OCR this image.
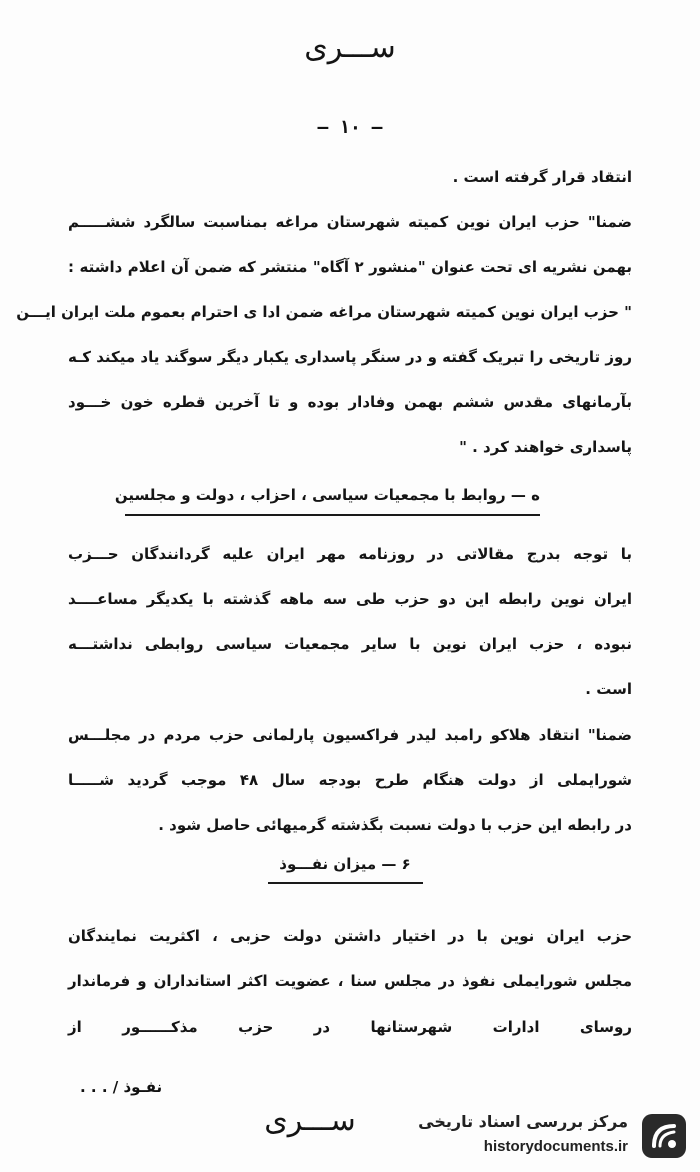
ســـری
— ۱۰ —
انتقاد قرار گرفته است .
ضمنا" حزب ایران نوین کمیته شهرستان مراغه بمناسبت سالگرد ششـــــم
بهمن نشریه ای تحت عنوان "منشور ۲ آگاه" منتشر که ضمن آن اعلام داشته :
" حزب ایران نوین کمیته شهرستان مراغه ضمن ادا ی احترام بعموم ملت ایران ایـــن
روز تاریخی را تبریک گفته و در سنگر پاسداری یکبار دیگر سوگند یاد میکند کـه
بآرمانهای مقدس ششم بهمن وفادار بوده و تا آخرین قطره خون خـــود
پاسداری خواهند کرد . "
ه — روابط با مجمعیات سیاسی ، احزاب ، دولت و مجلسین
با توجه بدرج مقالاتی در روزنامه مهر ایران علیه گردانندگان حـــزب
ایران نوین رابطه این دو حزب طی سه ماهه گذشته با یکدیگر مساعــــد
نبوده ، حزب ایران نوین با سایر مجمعیات سیاسی روابطی نداشتـــه
است .
ضمنا" انتقاد هلاکو رامبد لیدر فراکسیون پارلمانی حزب مردم در مجلـــس
شورایملی از دولت هنگام طرح بودجه سال ۴۸ موجب گردید شـــــا
در رابطه این حزب با دولت نسبت بگذشته گرمیهائی حاصل شود .
۶ — میزان نفـــوذ
حزب ایران نوین با در اختیار داشتن دولت حزبی ، اکثریت نمایندگان
مجلس شورایملی نفوذ در مجلس سنا ، عضویت اکثر استانداران و فرماندار
روسای ادارات شهرستانها در حزب مذکــــــور از
نفـوذ / . . .
ســـری	مرکز بررسی اسناد تاریخی
historydocuments.ir
